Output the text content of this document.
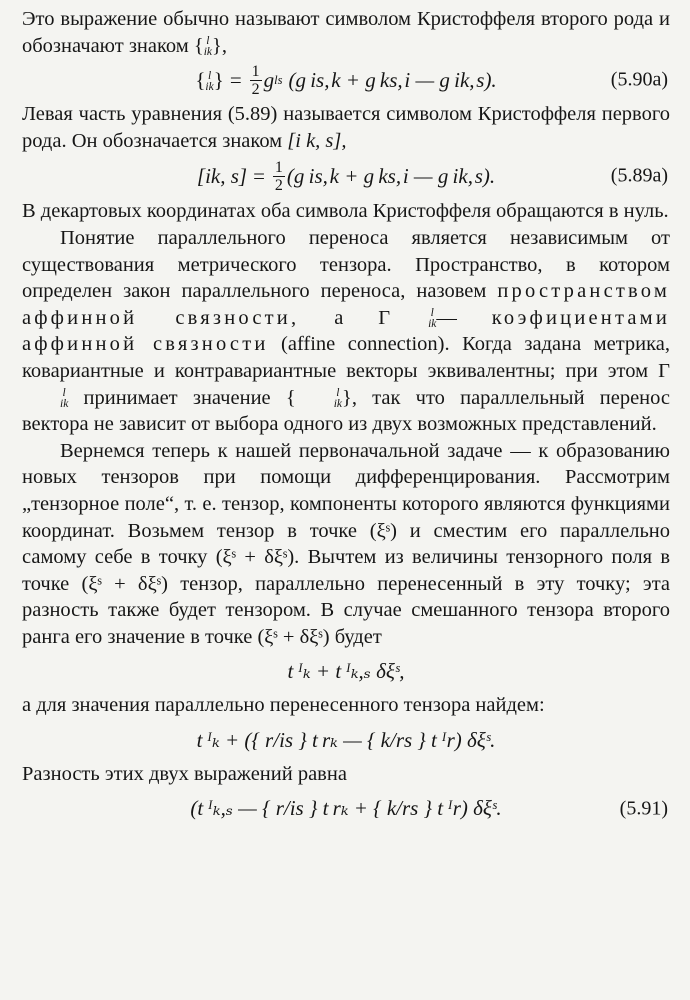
Это выражение обычно называют символом Кристоффеля второго рода и обозначают знаком { l
ik },

{ l
ik } = $\frac{1}{2}$ g ls (g is, k + g ks, i — g ik, s).	(5.90a)

Левая часть уравнения (5.89) называется символом Кристоффеля первого рода. Он обозначается знаком [i k, s],

[ik, $s] = \frac{1}{2} (g$ is, k + g ks, i — g ik, s).	(5.89a)

В декартовых координатах оба символа Кристоффеля обращаются в нуль.

Понятие параллельного переноса является независимым от существования метрического тензора. Пространство, в котором определен закон параллельного переноса, назовем пространством аффинной связности, а Γ	l
ik — коэфициентами аффинной связности (affine connection). Когда задана метрика, ковариантные и контравариантные векторы эквивалентны; при этом Γ
l
ik принимает значение {	l
ik }, так что параллельный перенос вектора не зависит от выбора одного из двух возможных представлений.

Вернемся теперь к нашей первоначальной задаче — к образованию новых тензоров при помощи дифференцирования. Рассмотрим „тензорное поле“, т. е. тензор, компоненты которого являются функциями координат. Возьмем тензор в точке (ξˢ) и сместим его параллельно самому себе в точку (ξˢ + δξˢ). Вычтем из величины тензорного поля в точке (ξˢ + δξˢ) тензор, параллельно перенесенный в эту точку; эта разность также будет тензором. В случае смешанного тензора второго ранга его значение в точке (ξˢ + δξˢ) будет

t ᴵₖ + t ᴵₖ,ₛ δξˢ,

а для значения параллельно перенесенного тензора найдем:

t ᴵₖ + ({ r/is } t rₖ — { k/rs } t ᴵr) δξˢ.

Разность этих двух выражений равна

(t ᴵₖ,ₛ — { r/is } t rₖ + { k/rs } t ᴵr) δξˢ.	(5.91)
